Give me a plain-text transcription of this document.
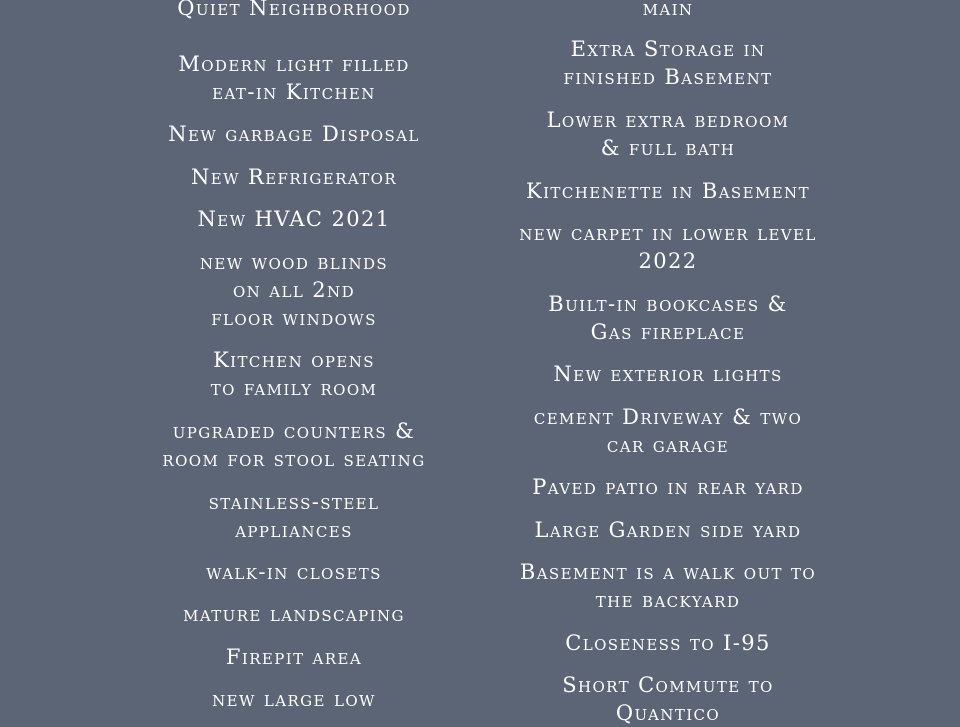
Quiet Neighborhood
Modern light filled
eat-in Kitchen
New garbage Disposal
New Refrigerator
New HVAC 2021
new wood blinds
on all 2nd
floor windows
Kitchen opens
to family room
upgraded counters &
room for stool seating
stainless-steel
appliances
walk-in closets
mature landscaping
Firepit area
new large low
main
Extra Storage in
finished Basement
Lower extra bedroom
& full bath
Kitchenette in Basement
new carpet in lower level
2022
Built-in bookcases &
Gas fireplace
New exterior lights
cement Driveway & two
car garage
Paved patio in rear yard
Large Garden side yard
Basement is a walk out to
the backyard
Closeness to I-95
Short Commute to
Quantico
